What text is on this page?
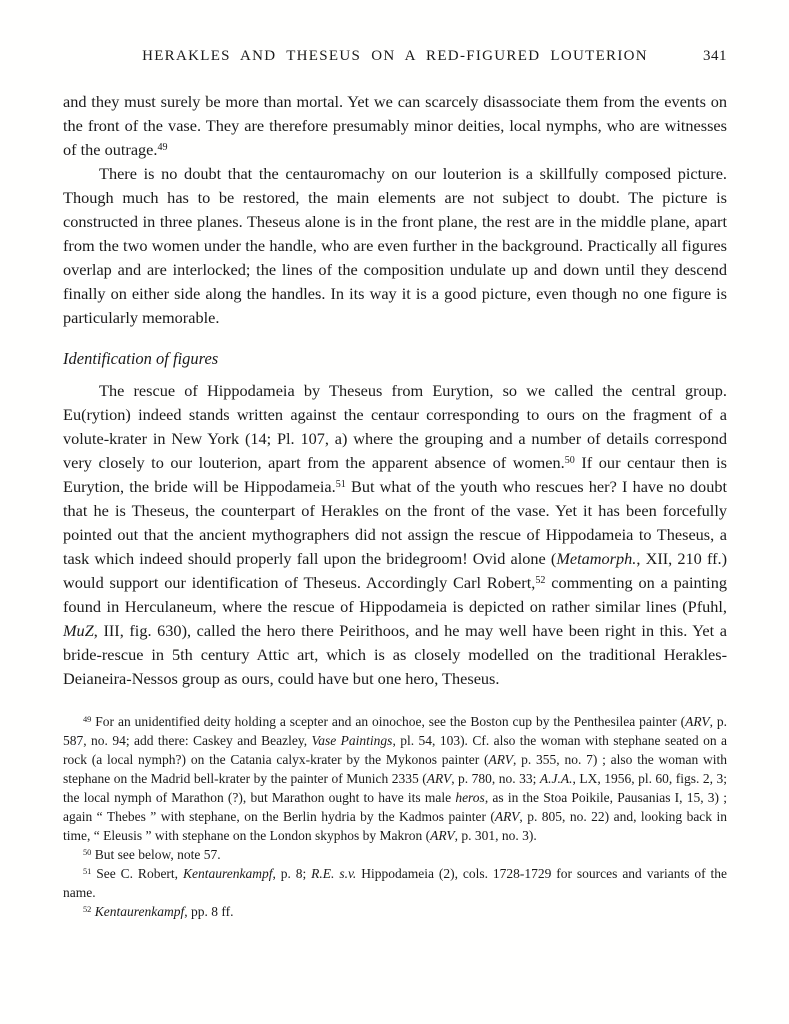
HERAKLES AND THESEUS ON A RED-FIGURED LOUTERION	341

and they must surely be more than mortal. Yet we can scarcely disassociate them from the events on the front of the vase. They are therefore presumably minor deities, local nymphs, who are witnesses of the outrage.$^{49}$

There is no doubt that the centauromachy on our louterion is a skillfully composed picture. Though much has to be restored, the main elements are not subject to doubt. The picture is constructed in three planes. Theseus alone is in the front plane, the rest are in the middle plane, apart from the two women under the handle, who are even further in the background. Practically all figures overlap and are interlocked; the lines of the composition undulate up and down until they descend finally on either side along the handles. In its way it is a good picture, even though no one figure is particularly memorable.

Identification of figures

The rescue of Hippodameia by Theseus from Eurytion, so we called the central group. Eu(rytion) indeed stands written against the centaur corresponding to ours on the fragment of a volute-krater in New York (14; Pl. 107, a) where the grouping and a number of details correspond very closely to our louterion, apart from the apparent absence of women.$^{50}$ If our centaur then is Eurytion, the bride will be Hippodameia.$^{51}$ But what of the youth who rescues her? I have no doubt that he is Theseus, the counterpart of Herakles on the front of the vase. Yet it has been forcefully pointed out that the ancient mythographers did not assign the rescue of Hippodameia to Theseus, a task which indeed should properly fall upon the bridegroom! Ovid alone (Metamorph., XII, 210 ff.) would support our identification of Theseus. Accordingly Carl Robert,$^{52}$ commenting on a painting found in Herculaneum, where the rescue of Hippodameia is depicted on rather similar lines (Pfuhl, MuZ, III, fig. 630), called the hero there Peirithoos, and he may well have been right in this. Yet a bride-rescue in 5th century Attic art, which is as closely modelled on the traditional Herakles-Deianeira-Nessos group as ours, could have but one hero, Theseus.

$^{49}$ For an unidentified deity holding a scepter and an oinochoe, see the Boston cup by the Penthesilea painter (ARV, p. 587, no. 94; add there: Caskey and Beazley, Vase Paintings, pl. 54, 103). Cf. also the woman with stephane seated on a rock (a local nymph?) on the Catania calyx-krater by the Mykonos painter (ARV, p. 355, no. 7) ; also the woman with stephane on the Madrid bell-krater by the painter of Munich 2335 (ARV, p. 780, no. 33; A.J.A., LX, 1956, pl. 60, figs. 2, 3; the local nymph of Marathon (?), but Marathon ought to have its male heros, as in the Stoa Poikile, Pausanias I, 15, 3) ; again “ Thebes ” with stephane, on the Berlin hydria by the Kadmos painter (ARV, p. 805, no. 22) and, looking back in time, “ Eleusis ” with stephane on the London skyphos by Makron (ARV, p. 301, no. 3).

$^{50}$ But see below, note 57.

$^{51}$ See C. Robert, Kentaurenkampf, p. 8; R.E. s.v. Hippodameia (2), cols. 1728-1729 for sources and variants of the name.

$^{52}$ Kentaurenkampf, pp. 8 ff.
